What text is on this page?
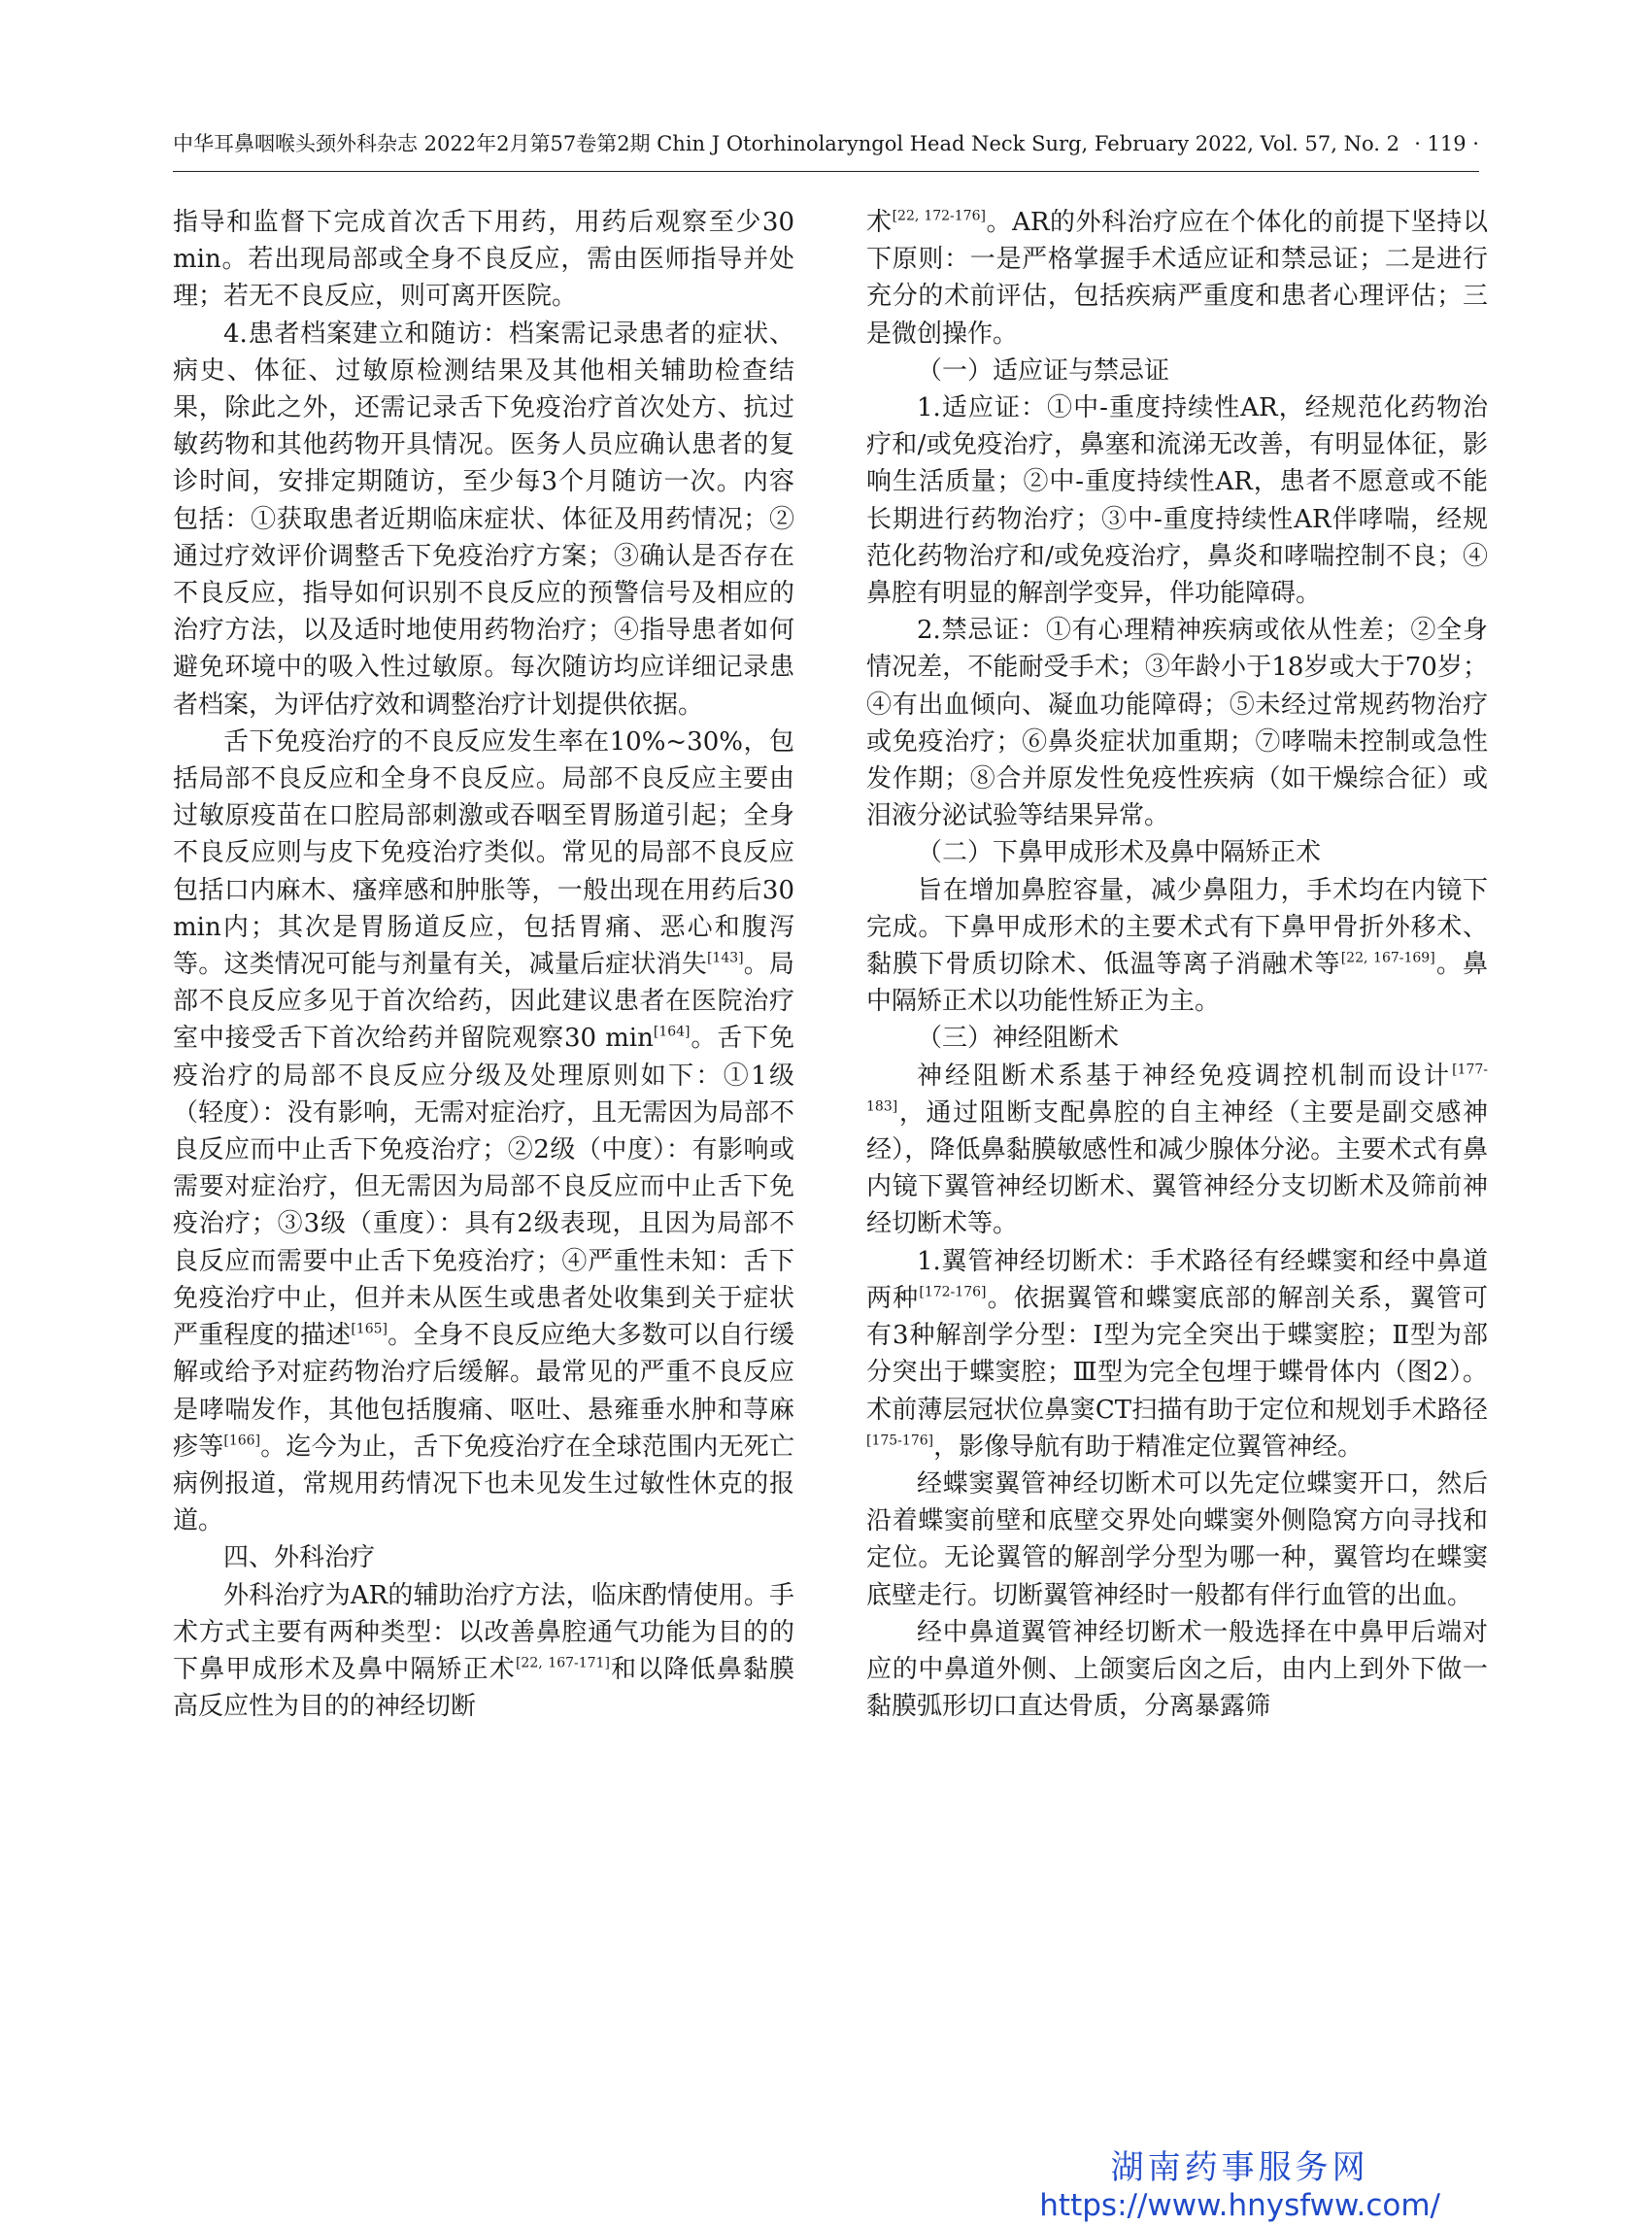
中华耳鼻咽喉头颈外科杂志 2022年2月第57卷第2期 Chin J Otorhinolaryngol Head Neck Surg, February 2022, Vol. 57, No. 2 · 119 ·

指导和监督下完成首次舌下用药，用药后观察至少30 min。若出现局部或全身不良反应，需由医师指导并处理；若无不良反应，则可离开医院。

4.患者档案建立和随访：档案需记录患者的症状、病史、体征、过敏原检测结果及其他相关辅助检查结果，除此之外，还需记录舌下免疫治疗首次处方、抗过敏药物和其他药物开具情况。医务人员应确认患者的复诊时间，安排定期随访，至少每3个月随访一次。内容包括：①获取患者近期临床症状、体征及用药情况；②通过疗效评价调整舌下免疫治疗方案；③确认是否存在不良反应，指导如何识别不良反应的预警信号及相应的治疗方法，以及适时地使用药物治疗；④指导患者如何避免环境中的吸入性过敏原。每次随访均应详细记录患者档案，为评估疗效和调整治疗计划提供依据。

舌下免疫治疗的不良反应发生率在10%~30%，包括局部不良反应和全身不良反应。局部不良反应主要由过敏原疫苗在口腔局部刺激或吞咽至胃肠道引起；全身不良反应则与皮下免疫治疗类似。常见的局部不良反应包括口内麻木、瘙痒感和肿胀等，一般出现在用药后30 min内；其次是胃肠道反应，包括胃痛、恶心和腹泻等。这类情况可能与剂量有关，减量后症状消失[143]。局部不良反应多见于首次给药，因此建议患者在医院治疗室中接受舌下首次给药并留院观察30 min[164]。舌下免疫治疗的局部不良反应分级及处理原则如下：①1级（轻度）：没有影响，无需对症治疗，且无需因为局部不良反应而中止舌下免疫治疗；②2级（中度）：有影响或需要对症治疗，但无需因为局部不良反应而中止舌下免疫治疗；③3级（重度）：具有2级表现，且因为局部不良反应而需要中止舌下免疫治疗；④严重性未知：舌下免疫治疗中止，但并未从医生或患者处收集到关于症状严重程度的描述[165]。全身不良反应绝大多数可以自行缓解或给予对症药物治疗后缓解。最常见的严重不良反应是哮喘发作，其他包括腹痛、呕吐、悬雍垂水肿和荨麻疹等[166]。迄今为止，舌下免疫治疗在全球范围内无死亡病例报道，常规用药情况下也未见发生过敏性休克的报道。

四、外科治疗

外科治疗为AR的辅助治疗方法，临床酌情使用。手术方式主要有两种类型：以改善鼻腔通气功能为目的的下鼻甲成形术及鼻中隔矫正术[22, 167-171]和以降低鼻黏膜高反应性为目的的神经切断

术[22, 172-176]。AR的外科治疗应在个体化的前提下坚持以下原则：一是严格掌握手术适应证和禁忌证；二是进行充分的术前评估，包括疾病严重度和患者心理评估；三是微创操作。

（一）适应证与禁忌证

1.适应证：①中-重度持续性AR，经规范化药物治疗和/或免疫治疗，鼻塞和流涕无改善，有明显体征，影响生活质量；②中-重度持续性AR，患者不愿意或不能长期进行药物治疗；③中-重度持续性AR伴哮喘，经规范化药物治疗和/或免疫治疗，鼻炎和哮喘控制不良；④鼻腔有明显的解剖学变异，伴功能障碍。

2.禁忌证：①有心理精神疾病或依从性差；②全身情况差，不能耐受手术；③年龄小于18岁或大于70岁；④有出血倾向、凝血功能障碍；⑤未经过常规药物治疗或免疫治疗；⑥鼻炎症状加重期；⑦哮喘未控制或急性发作期；⑧合并原发性免疫性疾病（如干燥综合征）或泪液分泌试验等结果异常。

（二）下鼻甲成形术及鼻中隔矫正术

旨在增加鼻腔容量，减少鼻阻力，手术均在内镜下完成。下鼻甲成形术的主要术式有下鼻甲骨折外移术、黏膜下骨质切除术、低温等离子消融术等[22, 167-169]。鼻中隔矫正术以功能性矫正为主。

（三）神经阻断术

神经阻断术系基于神经免疫调控机制而设计[177-183]，通过阻断支配鼻腔的自主神经（主要是副交感神经），降低鼻黏膜敏感性和减少腺体分泌。主要术式有鼻内镜下翼管神经切断术、翼管神经分支切断术及筛前神经切断术等。

1.翼管神经切断术：手术路径有经蝶窦和经中鼻道两种[172-176]。依据翼管和蝶窦底部的解剖关系，翼管可有3种解剖学分型：Ⅰ型为完全突出于蝶窦腔；Ⅱ型为部分突出于蝶窦腔；Ⅲ型为完全包埋于蝶骨体内（图2）。术前薄层冠状位鼻窦CT扫描有助于定位和规划手术路径[175-176]，影像导航有助于精准定位翼管神经。

经蝶窦翼管神经切断术可以先定位蝶窦开口，然后沿着蝶窦前壁和底壁交界处向蝶窦外侧隐窝方向寻找和定位。无论翼管的解剖学分型为哪一种，翼管均在蝶窦底壁走行。切断翼管神经时一般都有伴行血管的出血。

经中鼻道翼管神经切断术一般选择在中鼻甲后端对应的中鼻道外侧、上颌窦后囟之后，由内上到外下做一黏膜弧形切口直达骨质，分离暴露筛

湖南药事服务网
https://www.hnysfww.com/
